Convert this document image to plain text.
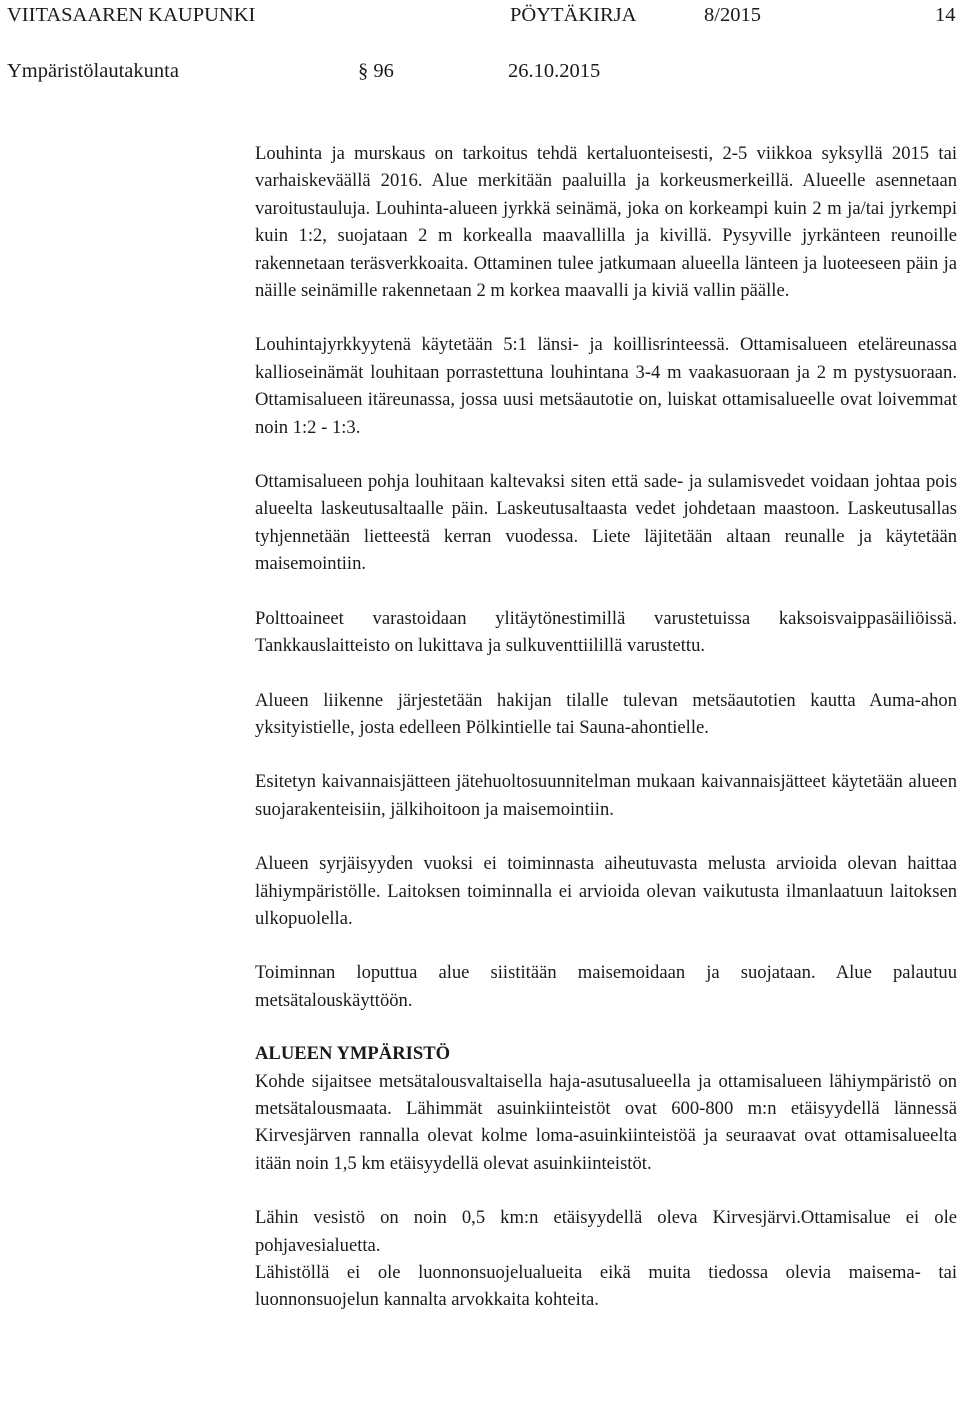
VIITASAAREN KAUPUNKI	PÖYTÄKIRJA	8/2015	14
Ympäristölautakunta	§ 96	26.10.2015

Louhinta ja murskaus on tarkoitus tehdä kertaluonteisesti, 2-5 viikkoa syksyllä 2015 tai varhaiskeväällä 2016. Alue merkitään paaluilla ja korkeusmerkeillä. Alueelle asennetaan varoitustauluja. Louhinta-alueen jyrkkä seinämä, joka on korkeampi kuin 2 m ja/tai jyrkempi kuin 1:2, suojataan 2 m korkealla maavallilla ja kivillä. Pysyville jyrkänteen reunoille rakennetaan teräsverkkoaita. Ottaminen tulee jatkumaan alueella länteen ja luoteeseen päin ja näille seinämille rakennetaan 2 m korkea maavalli ja kiviä vallin päälle.

Louhintajyrkkyytenä käytetään 5:1 länsi- ja koillisrinteessä. Ottamisalueen eteläreunassa kallioseinämät louhitaan porrastettuna louhintana 3-4 m vaakasuoraan ja 2 m pystysuoraan. Ottamisalueen itäreunassa, jossa uusi metsäautotie on, luiskat ottamisalueelle ovat loivemmat noin 1:2 - 1:3.

Ottamisalueen pohja louhitaan kaltevaksi siten että sade- ja sulamisvedet voidaan johtaa pois alueelta laskeutusaltaalle päin. Laskeutusaltaasta vedet johdetaan maastoon. Laskeutusallas tyhjennetään lietteestä kerran vuodessa. Liete läjitetään altaan reunalle ja käytetään maisemointiin.

Polttoaineet varastoidaan ylitäytönestimillä varustetuissa kaksoisvaippasäiliöissä. Tankkauslaitteisto on lukittava ja sulkuventtiilillä varustettu.

Alueen liikenne järjestetään hakijan tilalle tulevan metsäautotien kautta Auma-ahon yksityistielle, josta edelleen Pölkintielle tai Sauna-ahontielle.

Esitetyn kaivannaisjätteen jätehuoltosuunnitelman mukaan kaivannaisjätteet käytetään alueen suojarakenteisiin, jälkihoitoon ja maisemointiin.

Alueen syrjäisyyden vuoksi ei toiminnasta aiheutuvasta melusta arvioida olevan haittaa lähiympäristölle. Laitoksen toiminnalla ei arvioida olevan vaikutusta ilmanlaatuun laitoksen ulkopuolella.

Toiminnan loputtua alue siistitään maisemoidaan ja suojataan. Alue palautuu metsätalouskäyttöön.

ALUEEN YMPÄRISTÖ

Kohde sijaitsee metsätalousvaltaisella haja-asutusalueella ja ottamisalueen lähiympäristö on metsätalousmaata. Lähimmät asuinkiinteistöt ovat 600-800 m:n etäisyydellä lännessä Kirvesjärven rannalla olevat kolme loma-asuinkiinteistöä ja seuraavat ovat ottamisalueelta itään noin 1,5 km etäisyydellä olevat asuinkiinteistöt.

Lähin vesistö on noin 0,5 km:n etäisyydellä oleva Kirvesjärvi.Ottamisalue ei ole pohjavesialuetta.

Lähistöllä ei ole luonnonsuojelualueita eikä muita tiedossa olevia maisema- tai luonnonsuojelun kannalta arvokkaita kohteita.
